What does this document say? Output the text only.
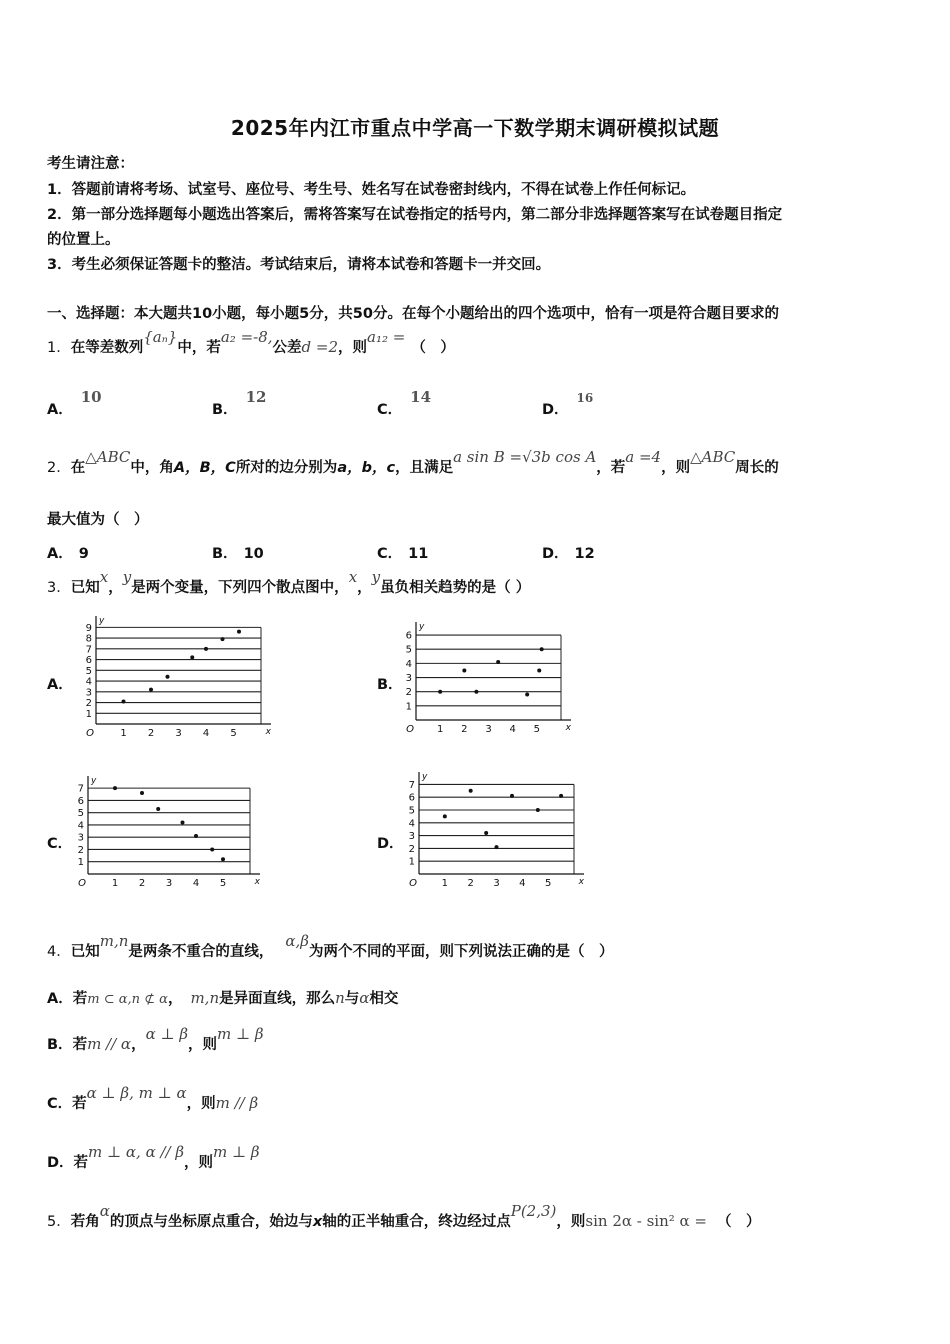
2025年内江市重点中学高一下数学期末调研模拟试题
考生请注意：
1．答题前请将考场、试室号、座位号、考生号、姓名写在试卷密封线内，不得在试卷上作任何标记。
2．第一部分选择题每小题选出答案后，需将答案写在试卷指定的括号内，第二部分非选择题答案写在试卷题目指定
的位置上。
3．考生必须保证答题卡的整洁。考试结束后，请将本试卷和答题卡一并交回。
一、选择题：本大题共10小题，每小题5分，共50分。在每个小题给出的四个选项中，恰有一项是符合题目要求的
1．在等差数列{aₙ}中，若a₂ =-8,公差d =2，则a₁₂ =（　）
A．10
B．12
C．14
D．$^{16}$
2．在△ABC中，角A，B，C所对的边分别为a，b，c，且满足a sin B =√3b cos A，若a =4，则△ABC周长的
最大值为（　）
A． 9	B． 10	C． 11	D． 12
3．已知x，y是两个变量，下列四个散点图中，x，y虽负相关趋势的是（ ）
A．	B．
C．	D．
1
2
3
4
5
6
7
8
9
1 2 3 4 5
O	x
y
1
2
3
4
5
6
1 2 3 4 5
O	x
y
1
2
3
4
5
6
7
1 2 3 4 5
O	x
y
1
2
3
4
5
6
7
1 2 3 4 5
O	x
y
4．已知m,n是两条不重合的直线，α,β为两个不同的平面，则下列说法正确的是（　）
A．若m ⊂ α,n ⊄ α， m,n是异面直线，那么n与α相交
B．若m // α，α ⊥ β，则m ⊥ β
C．若α ⊥ β, m ⊥ α，则m // β
D．若m ⊥ α, α // β，则m ⊥ β
5．若角α的顶点与坐标原点重合，始边与x轴的正半轴重合，终边经过点P(2,3)，则sin 2α - sin² α = （　）
